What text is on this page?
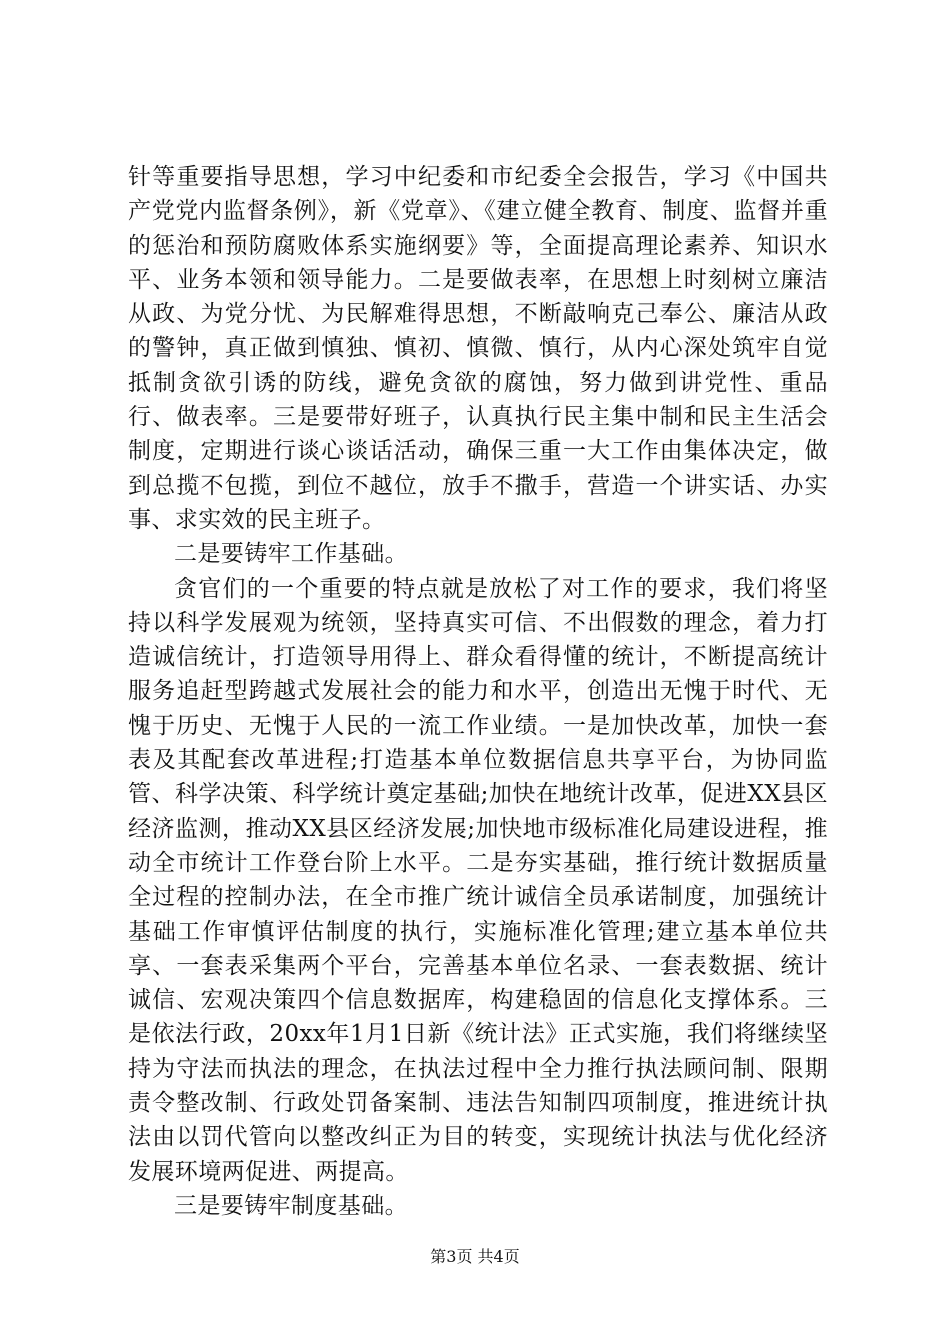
针等重要指导思想，学习中纪委和市纪委全会报告，学习《中国共产党党内监督条例》，新《党章》、《建立健全教育、制度、监督并重的惩治和预防腐败体系实施纲要》等，全面提高理论素养、知识水平、业务本领和领导能力。二是要做表率，在思想上时刻树立廉洁从政、为党分忧、为民解难得思想，不断敲响克己奉公、廉洁从政的警钟，真正做到慎独、慎初、慎微、慎行，从内心深处筑牢自觉抵制贪欲引诱的防线，避免贪欲的腐蚀，努力做到讲党性、重品行、做表率。三是要带好班子，认真执行民主集中制和民主生活会制度，定期进行谈心谈话活动，确保三重一大工作由集体决定，做到总揽不包揽，到位不越位，放手不撒手，营造一个讲实话、办实事、求实效的民主班子。

二是要铸牢工作基础。

贪官们的一个重要的特点就是放松了对工作的要求，我们将坚持以科学发展观为统领，坚持真实可信、不出假数的理念，着力打造诚信统计，打造领导用得上、群众看得懂的统计，不断提高统计服务追赶型跨越式发展社会的能力和水平，创造出无愧于时代、无愧于历史、无愧于人民的一流工作业绩。一是加快改革，加快一套表及其配套改革进程;打造基本单位数据信息共享平台，为协同监管、科学决策、科学统计奠定基础;加快在地统计改革，促进XX县区经济监测，推动XX县区经济发展;加快地市级标准化局建设进程，推动全市统计工作登台阶上水平。二是夯实基础，推行统计数据质量全过程的控制办法，在全市推广统计诚信全员承诺制度，加强统计基础工作审慎评估制度的执行，实施标准化管理;建立基本单位共享、一套表采集两个平台，完善基本单位名录、一套表数据、统计诚信、宏观决策四个信息数据库，构建稳固的信息化支撑体系。三是依法行政，20xx年1月1日新《统计法》正式实施，我们将继续坚持为守法而执法的理念，在执法过程中全力推行执法顾问制、限期责令整改制、行政处罚备案制、违法告知制四项制度，推进统计执法由以罚代管向以整改纠正为目的转变，实现统计执法与优化经济发展环境两促进、两提高。

三是要铸牢制度基础。

第3页 共4页
